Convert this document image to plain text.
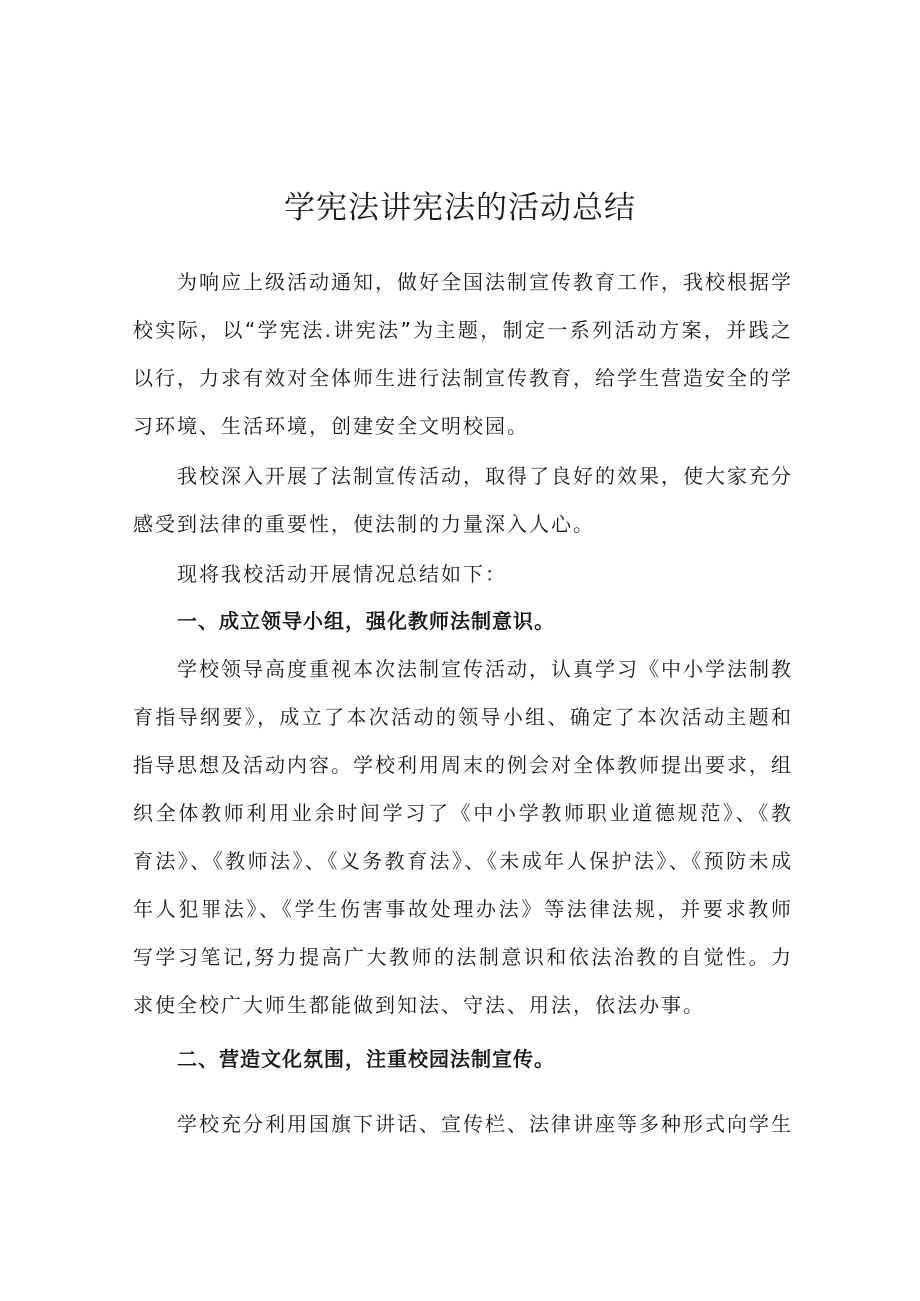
学宪法讲宪法的活动总结

为响应上级活动通知，做好全国法制宣传教育工作，我校根据学校实际，以“学宪法.讲宪法”为主题，制定一系列活动方案，并践之以行，力求有效对全体师生进行法制宣传教育，给学生营造安全的学习环境、生活环境，创建安全文明校园。

我校深入开展了法制宣传活动，取得了良好的效果，使大家充分感受到法律的重要性，使法制的力量深入人心。

现将我校活动开展情况总结如下：

一、成立领导小组，强化教师法制意识。

学校领导高度重视本次法制宣传活动，认真学习《中小学法制教育指导纲要》，成立了本次活动的领导小组、确定了本次活动主题和指导思想及活动内容。学校利用周末的例会对全体教师提出要求，组织全体教师利用业余时间学习了《中小学教师职业道德规范》、《教育法》、《教师法》、《义务教育法》、《未成年人保护法》、《预防未成年人犯罪法》、《学生伤害事故处理办法》等法律法规，并要求教师写学习笔记,努力提高广大教师的法制意识和依法治教的自觉性。力求使全校广大师生都能做到知法、守法、用法，依法办事。

二、营造文化氛围，注重校园法制宣传。

学校充分利用国旗下讲话、宣传栏、法律讲座等多种形式向学生
